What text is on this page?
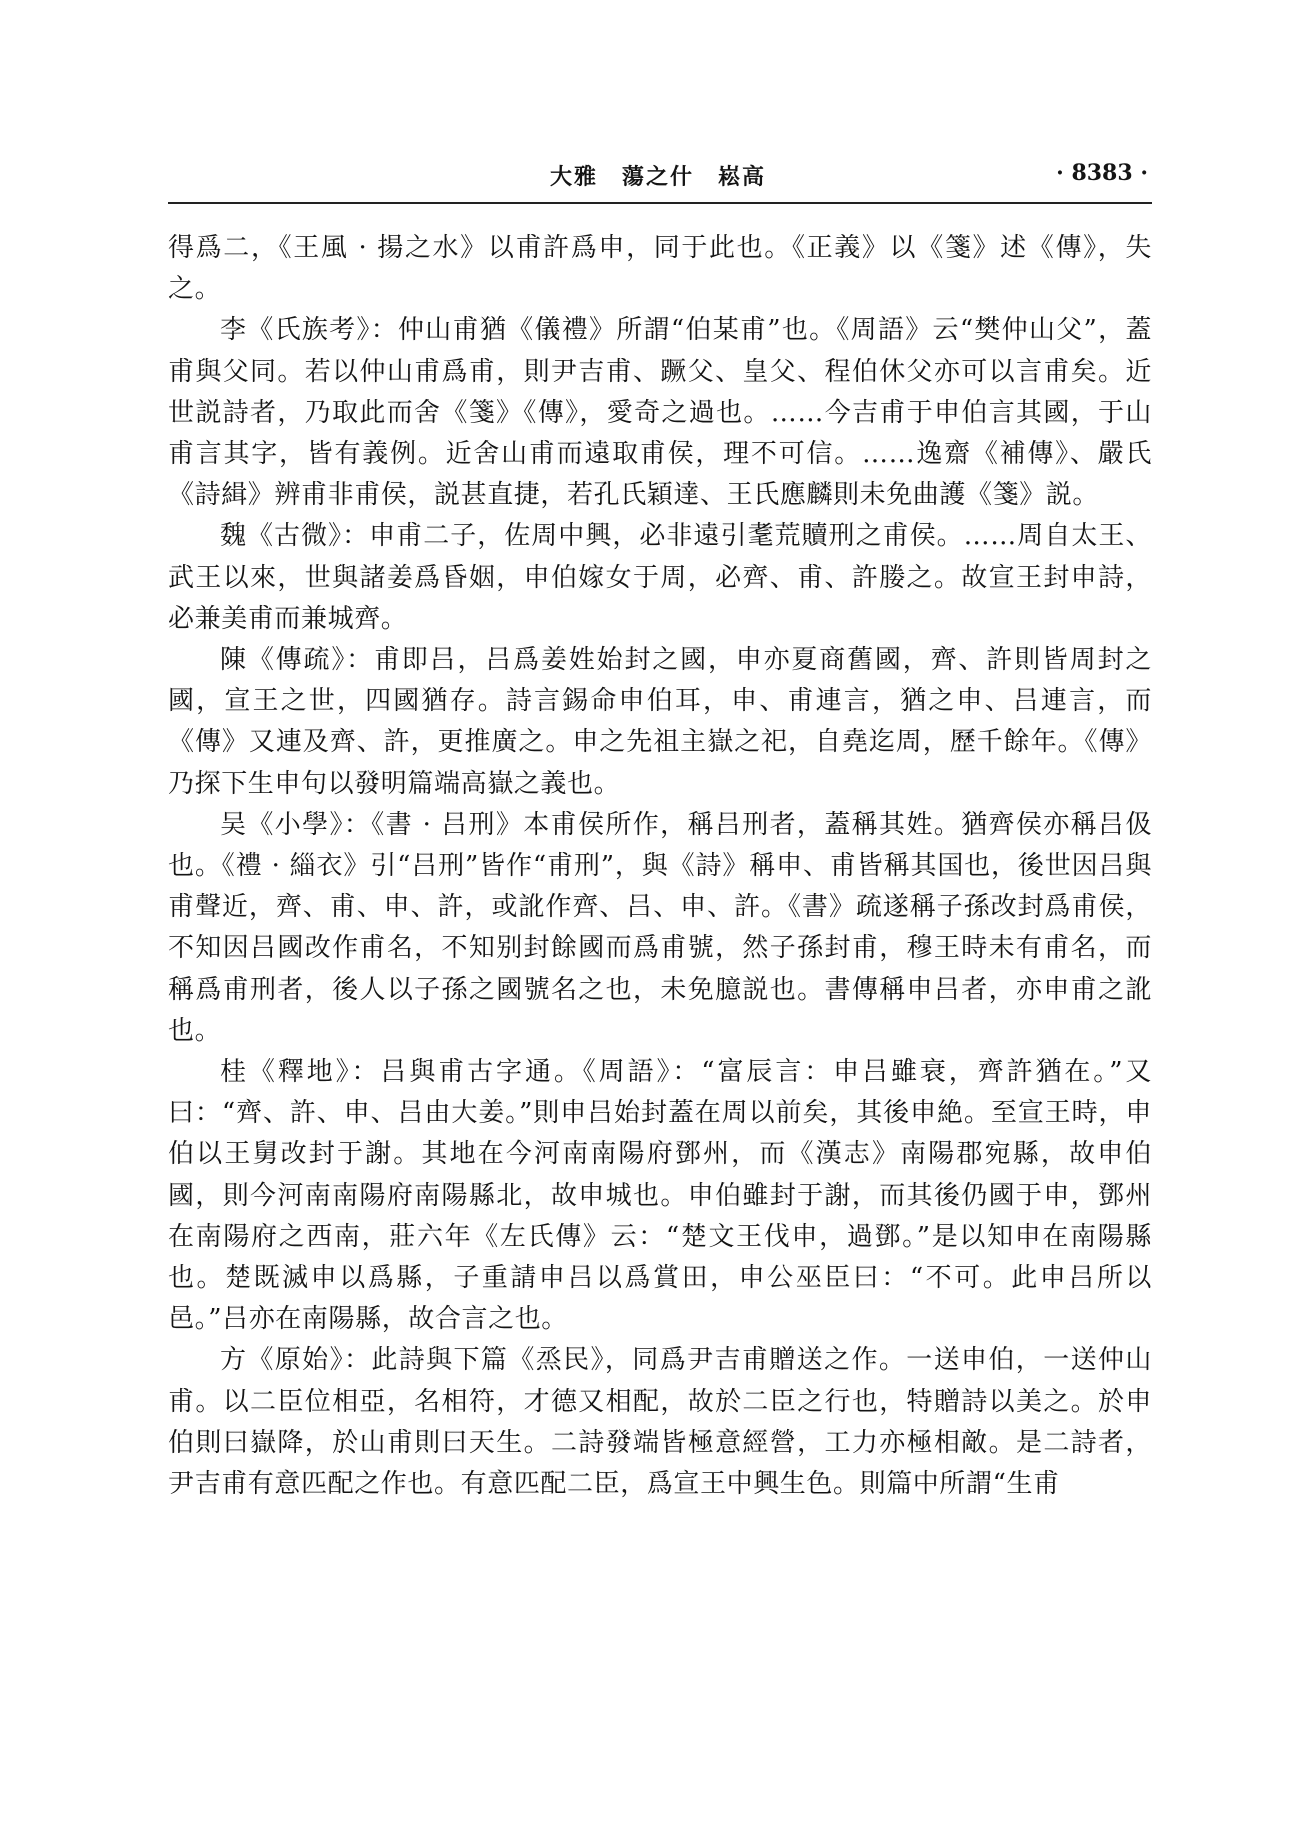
大雅　蕩之什　崧高	· 8383 ·

得爲二，《王風 · 揚之水》以甫許爲申，同于此也。《正義》以《箋》述《傳》，失之。

李《氏族考》：仲山甫猶《儀禮》所謂“伯某甫”也。《周語》云“樊仲山父”，蓋甫與父同。若以仲山甫爲甫，則尹吉甫、蹶父、皇父、程伯休父亦可以言甫矣。近世説詩者，乃取此而舍《箋》《傳》，愛奇之過也。……今吉甫于申伯言其國，于山甫言其字，皆有義例。近舍山甫而遠取甫侯，理不可信。……逸齋《補傳》、嚴氏《詩緝》辨甫非甫侯，説甚直捷，若孔氏穎達、王氏應麟則未免曲護《箋》説。

魏《古微》：申甫二子，佐周中興，必非遠引耄荒贖刑之甫侯。……周自太王、武王以來，世與諸姜爲昏姻，申伯嫁女于周，必齊、甫、許媵之。故宣王封申詩，必兼美甫而兼城齊。

陳《傳疏》：甫即吕，吕爲姜姓始封之國，申亦夏商舊國，齊、許則皆周封之國，宣王之世，四國猶存。詩言錫命申伯耳，申、甫連言，猶之申、吕連言，而《傳》又連及齊、許，更推廣之。申之先祖主嶽之祀，自堯迄周，歷千餘年。《傳》乃探下生申句以發明篇端高嶽之義也。

吴《小學》：《書 · 吕刑》本甫侯所作，稱吕刑者，蓋稱其姓。猶齊侯亦稱吕伋也。《禮 · 緇衣》引“吕刑”皆作“甫刑”，與《詩》稱申、甫皆稱其国也，後世因吕與甫聲近，齊、甫、申、許，或訛作齊、吕、申、許。《書》疏遂稱子孫改封爲甫侯，不知因吕國改作甫名，不知别封餘國而爲甫號，然子孫封甫，穆王時未有甫名，而稱爲甫刑者，後人以子孫之國號名之也，未免臆説也。書傳稱申吕者，亦申甫之訛也。

桂《釋地》：吕與甫古字通。《周語》：“富辰言：申吕雖衰，齊許猶在。”又曰：“齊、許、申、吕由大姜。”則申吕始封蓋在周以前矣，其後申絶。至宣王時，申伯以王舅改封于謝。其地在今河南南陽府鄧州，而《漢志》南陽郡宛縣，故申伯國，則今河南南陽府南陽縣北，故申城也。申伯雖封于謝，而其後仍國于申，鄧州在南陽府之西南，莊六年《左氏傳》云：“楚文王伐申，過鄧。”是以知申在南陽縣也。楚既滅申以爲縣，子重請申吕以爲賞田，申公巫臣曰：“不可。此申吕所以邑。”吕亦在南陽縣，故合言之也。

方《原始》：此詩與下篇《烝民》，同爲尹吉甫贈送之作。一送申伯，一送仲山甫。以二臣位相亞，名相符，才德又相配，故於二臣之行也，特贈詩以美之。於申伯則曰嶽降，於山甫則曰天生。二詩發端皆極意經營，工力亦極相敵。是二詩者，尹吉甫有意匹配之作也。有意匹配二臣，爲宣王中興生色。則篇中所謂“生甫
